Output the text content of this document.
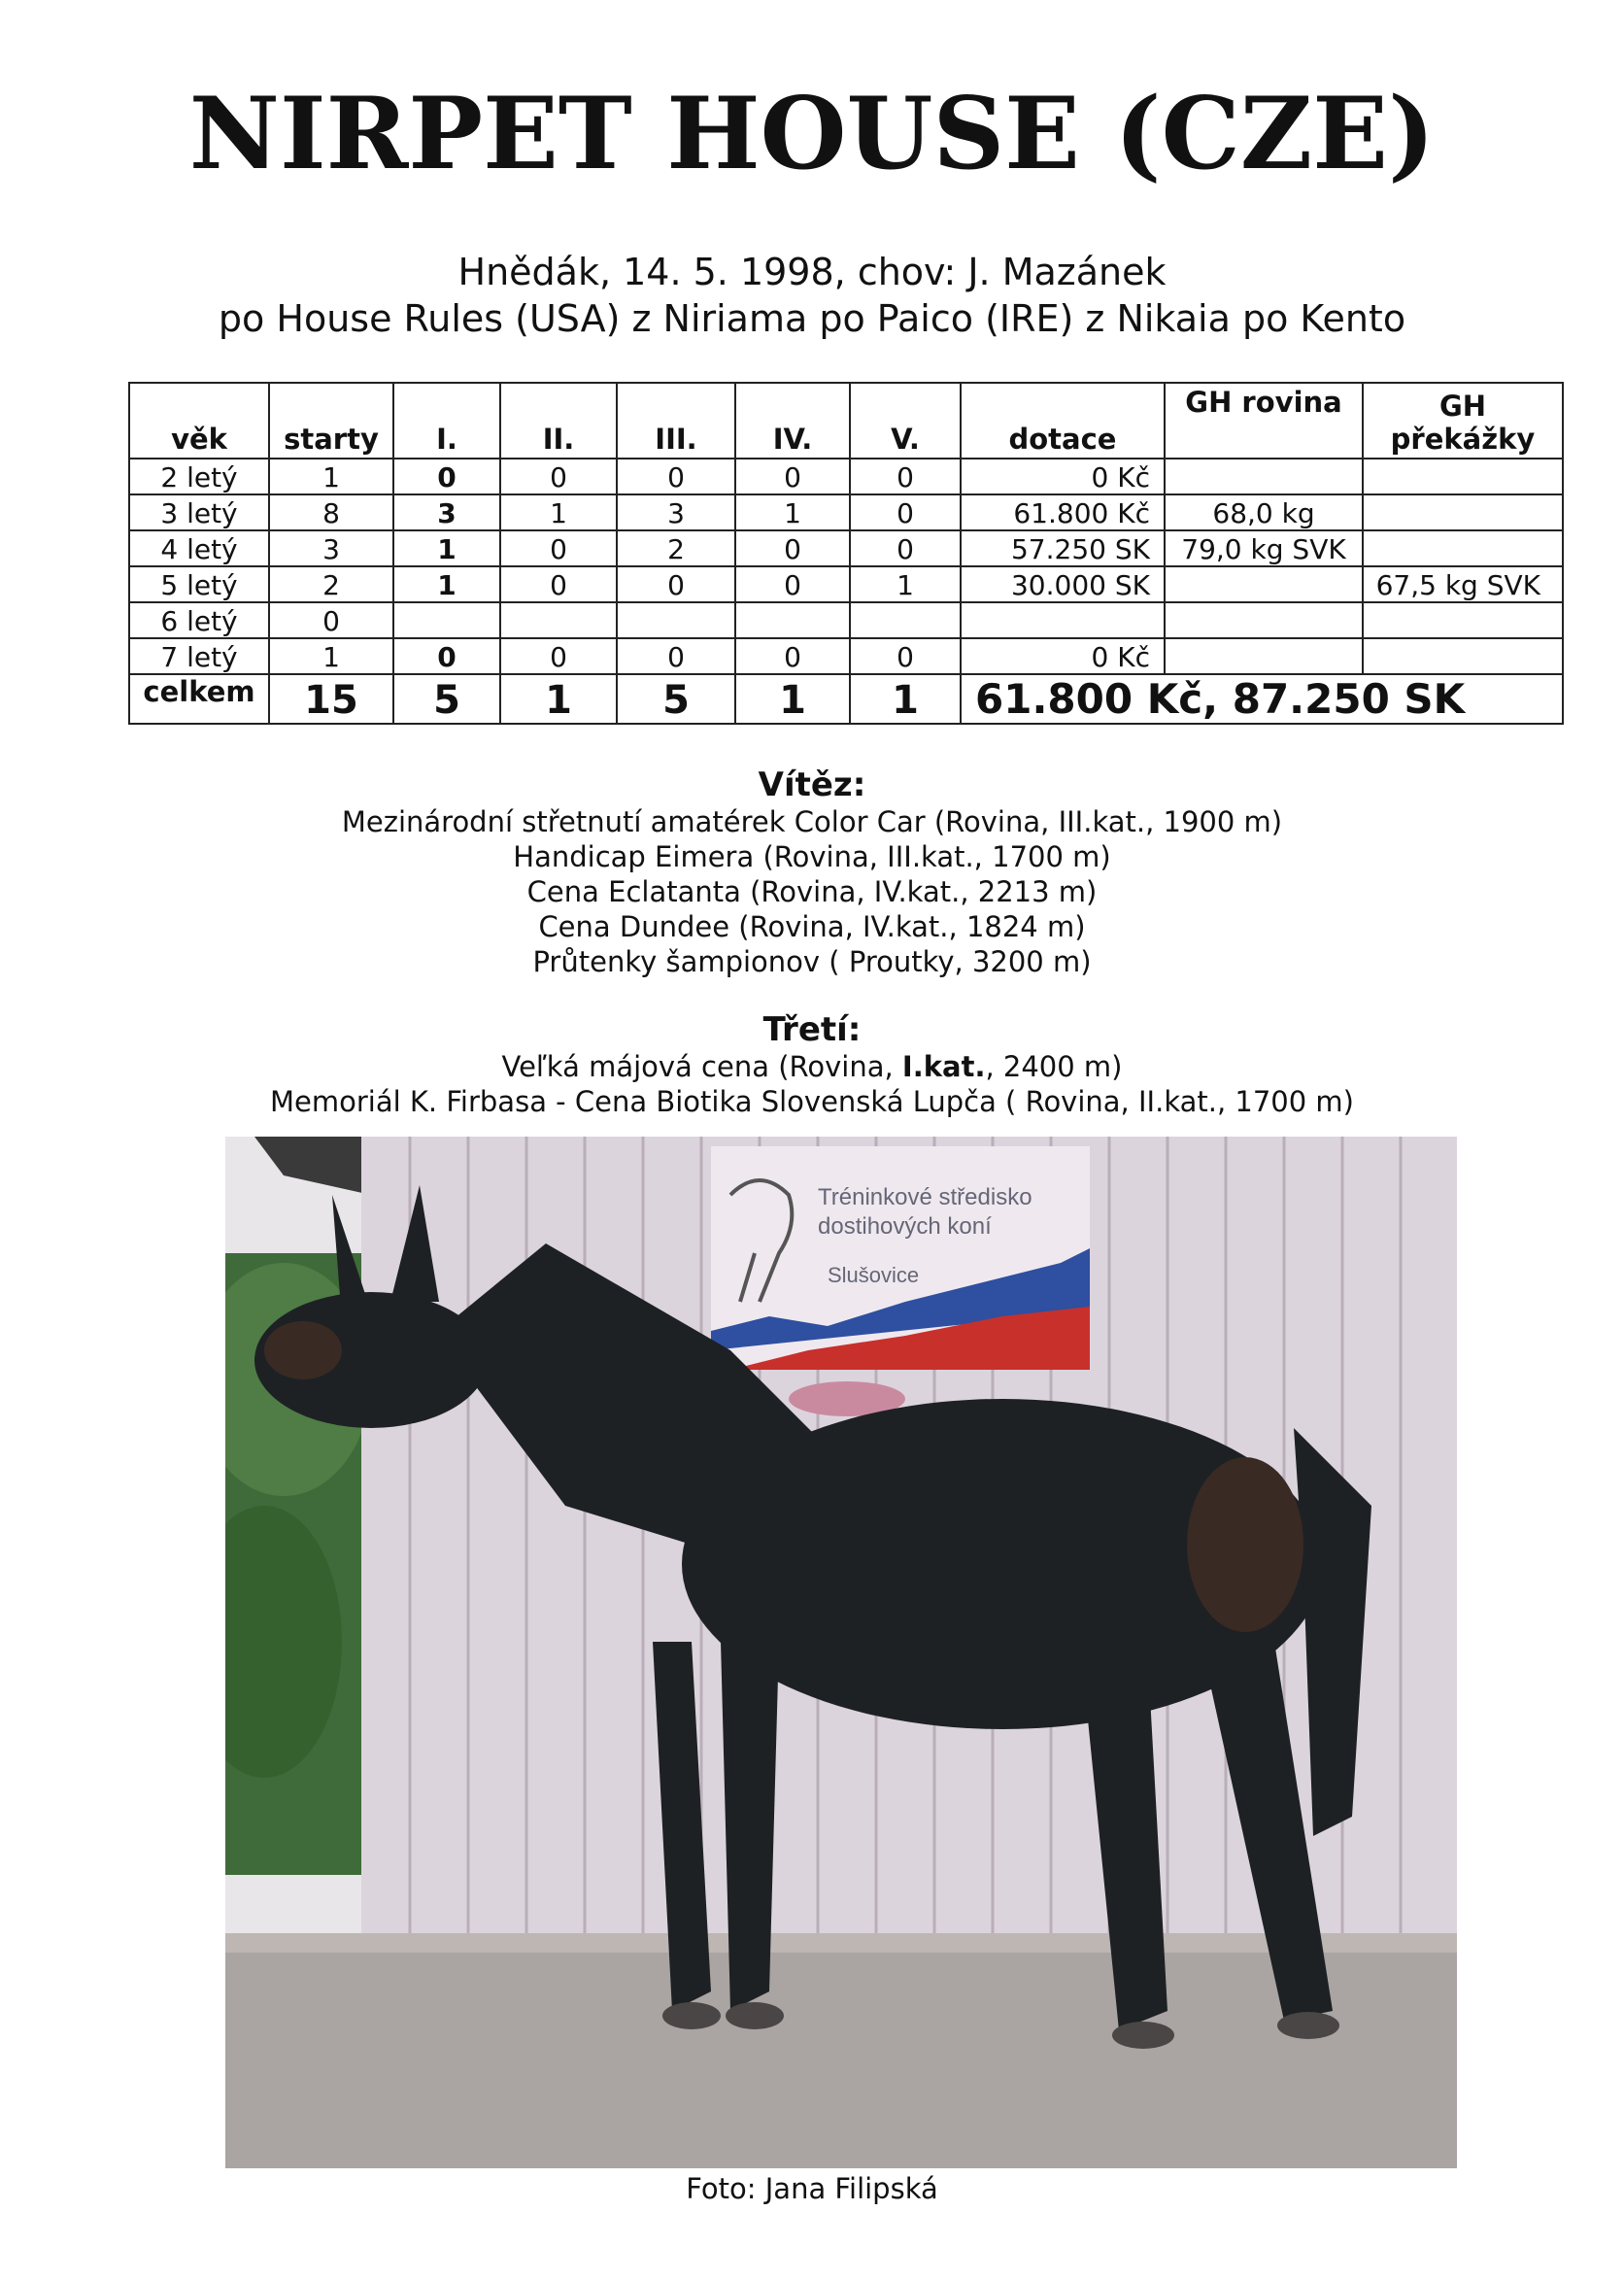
NIRPET HOUSE (CZE)
Hnědák, 14. 5. 1998, chov: J. Mazánek
po House Rules (USA) z Niriama po Paico (IRE) z Nikaia po Kento
věk	starty	I.	II.	III.	IV.	V.	dotace	GH rovina	GH
překážky
2 letý	1	0	0	0	0	0	0 Kč		
3 letý	8	3	1	3	1	0	61.800 Kč	68,0 kg	
4 letý	3	1	0	2	0	0	57.250 SK	79,0 kg SVK	
5 letý	2	1	0	0	0	1	30.000 SK		67,5 kg SVK
6 letý	0								
7 letý	1	0	0	0	0	0	0 Kč		
celkem	15	5	1	5	1	1	61.800 Kč, 87.250 SK		
Vítěz:
Mezinárodní střetnutí amatérek Color Car (Rovina, III.kat., 1900 m)
Handicap Eimera (Rovina, III.kat., 1700 m)
Cena Eclatanta (Rovina, IV.kat., 2213 m)
Cena Dundee (Rovina, IV.kat., 1824 m)
Průtenky šampionov ( Proutky, 3200 m)
Třetí:
Veľká májová cena (Rovina, I.kat., 2400 m)
Memoriál K. Firbasa - Cena Biotika Slovenská Lupča ( Rovina, II.kat., 1700 m)
Tréninkové středisko
dostihových koní
Slušovice
Foto: Jana Filipská
